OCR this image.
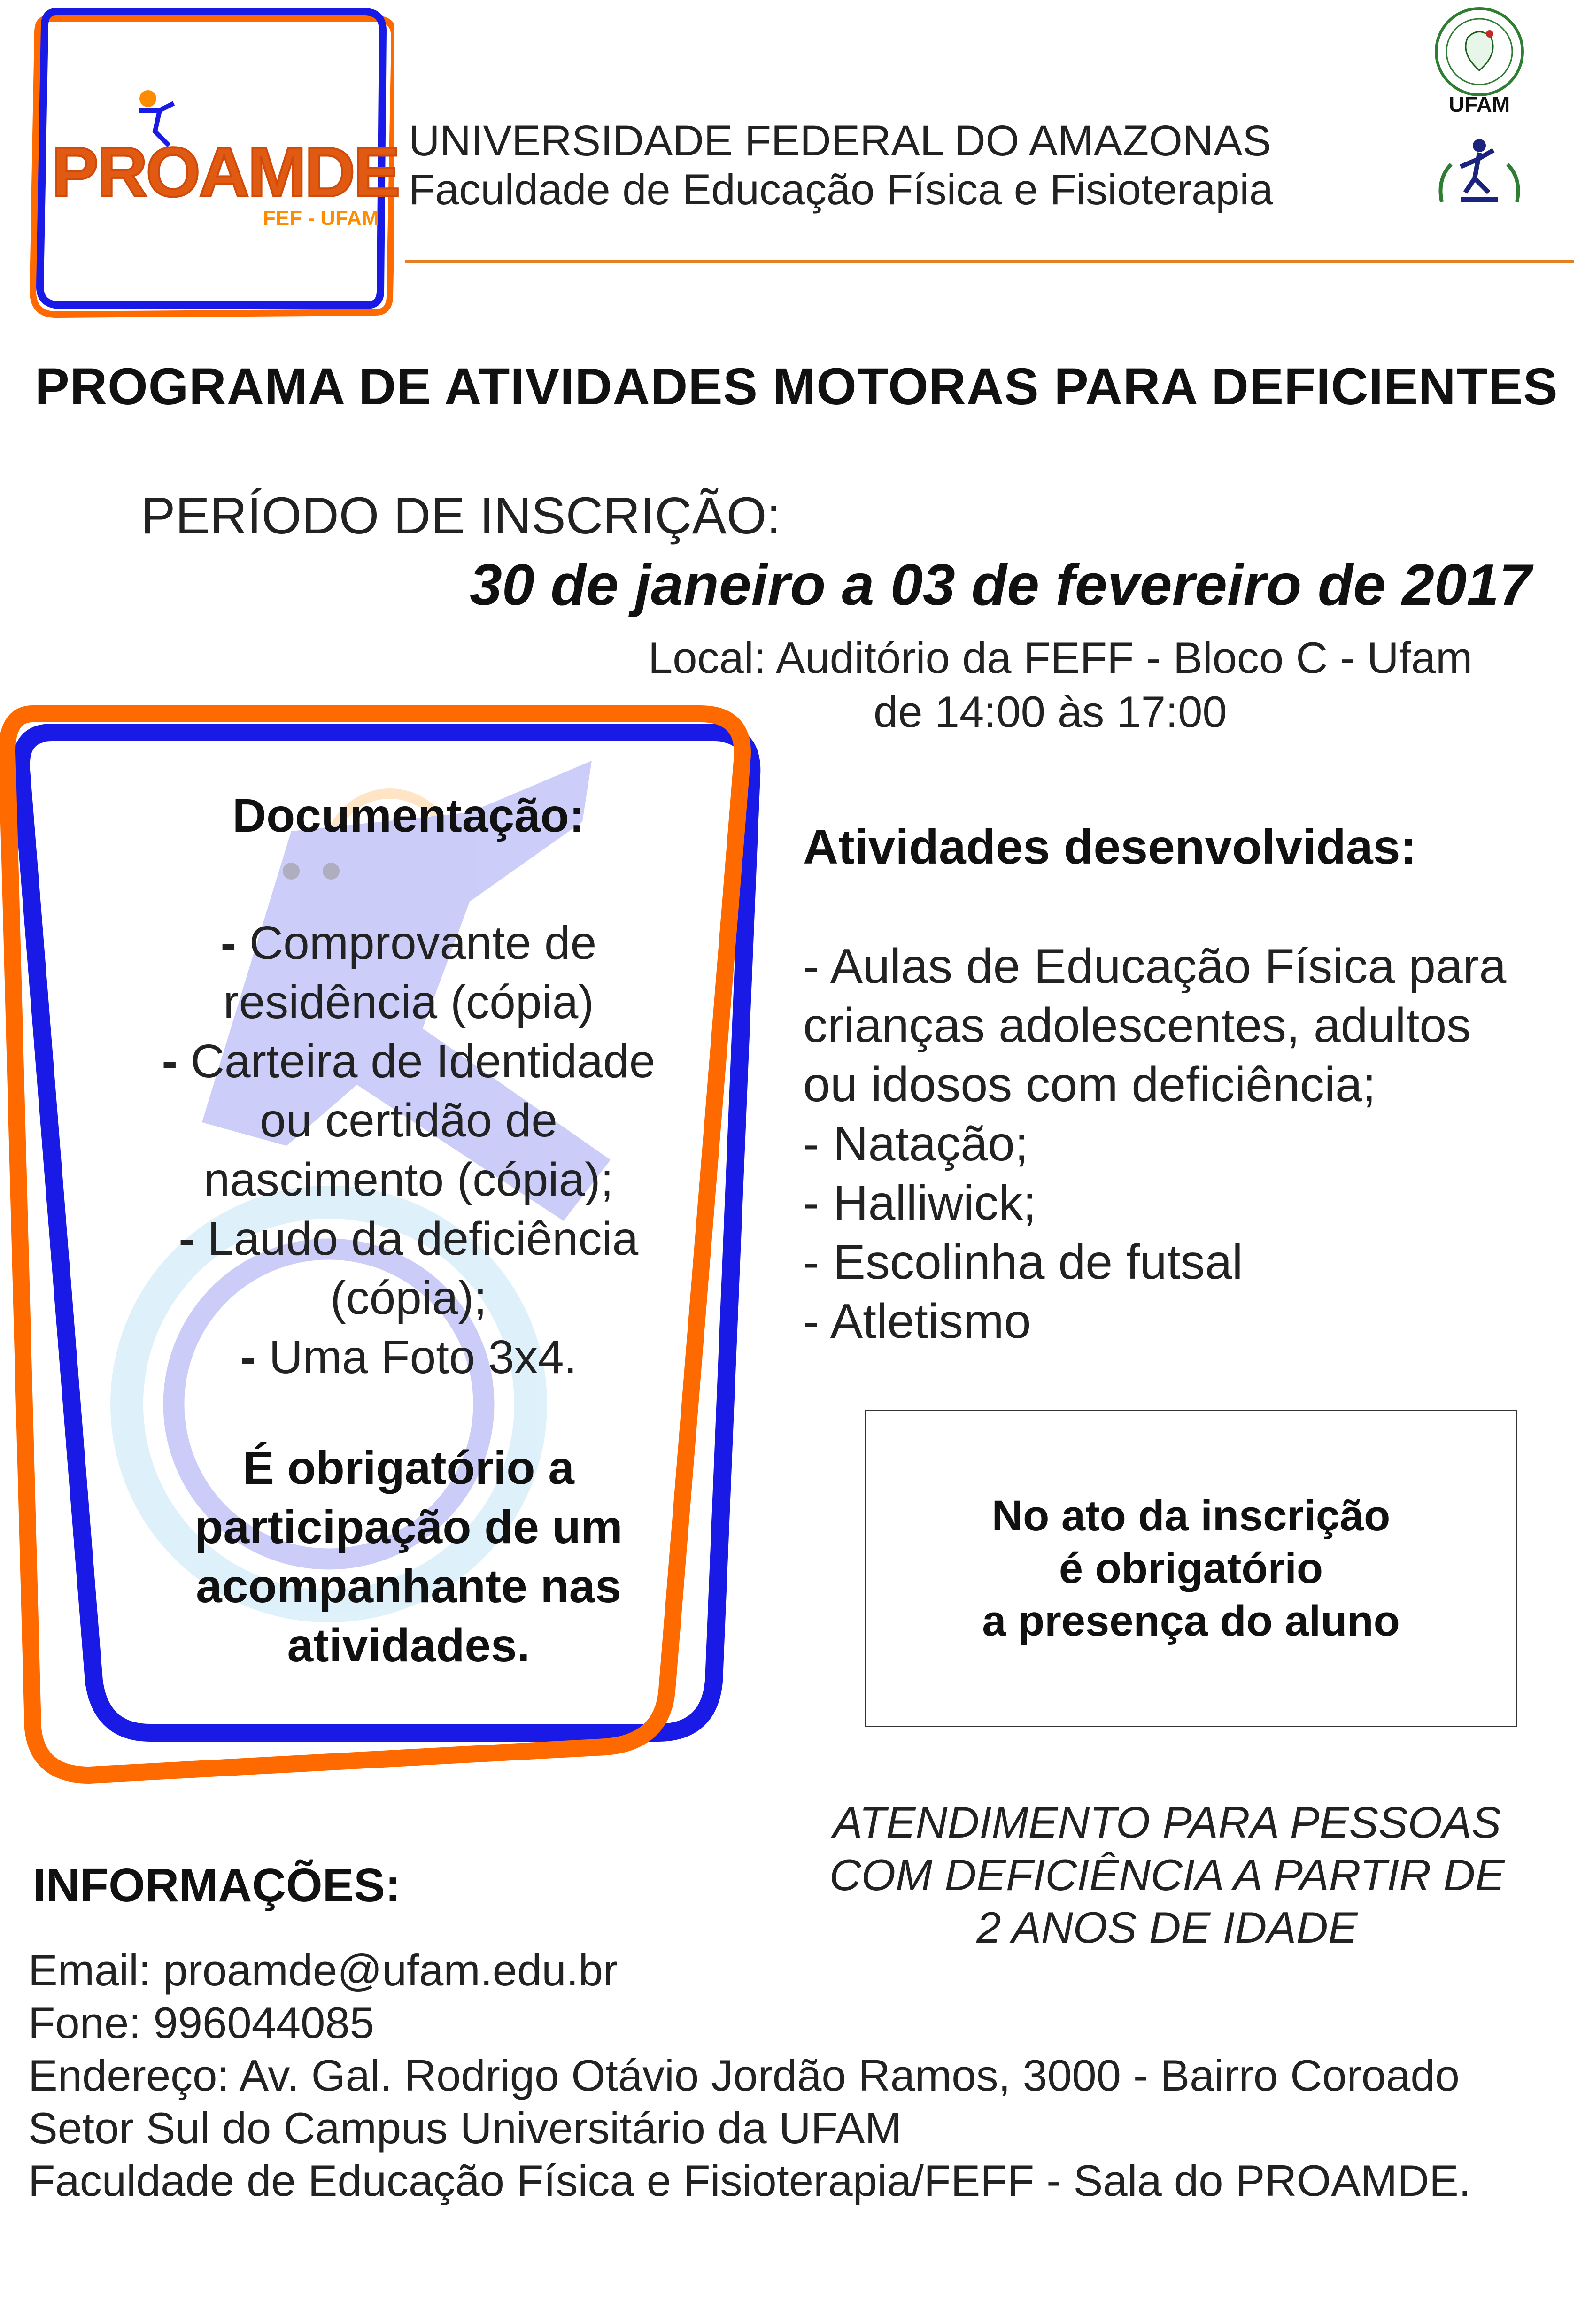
PROAMDE
FEF - UFAM
UNIVERSIDADE FEDERAL DO AMAZONAS
Faculdade de Educação Física e Fisioterapia
UFAM
PROGRAMA DE ATIVIDADES MOTORAS PARA DEFICIENTES
PERÍODO DE INSCRIÇÃO:
30 de janeiro a 03 de fevereiro de 2017
Local: Auditório da FEFF - Bloco C - Ufam
de 14:00 às 17:00
Documentação:

- Comprovante de

residência (cópia)

- Carteira de Identidade

ou certidão de

nascimento (cópia);

- Laudo da deficiência

(cópia);

- Uma Foto 3x4.

É obrigatório a

participação de um

acompanhante nas

atividades.

Atividades desenvolvidas:

- Aulas de Educação Física para

crianças adolescentes, adultos

ou idosos com deficiência;

- Natação;

- Halliwick;

- Escolinha de futsal

- Atletismo

No ato da inscrição

é obrigatório

a presença do aluno

ATENDIMENTO PARA PESSOAS

COM DEFICIÊNCIA A PARTIR DE

2 ANOS DE IDADE

INFORMAÇÕES:

Email: proamde@ufam.edu.br

Fone: 996044085

Endereço: Av. Gal. Rodrigo Otávio Jordão Ramos, 3000 - Bairro Coroado

Setor Sul do Campus Universitário da UFAM

Faculdade de Educação Física e Fisioterapia/FEFF - Sala do PROAMDE.
